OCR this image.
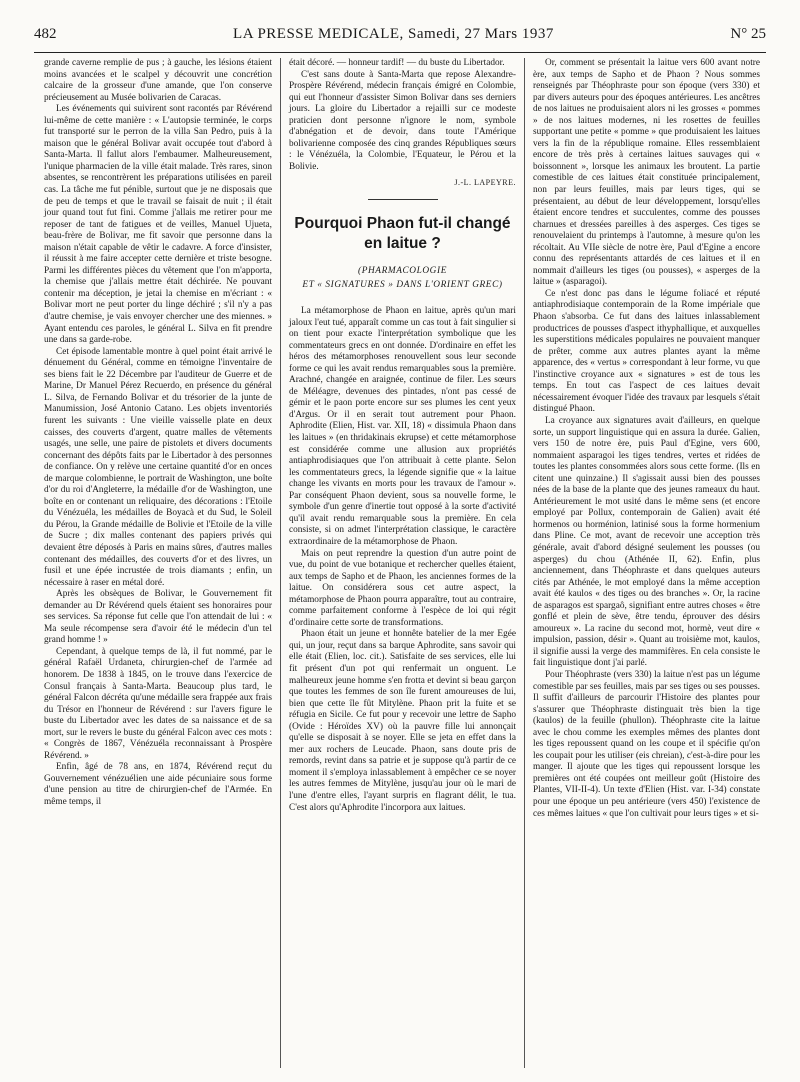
482	LA PRESSE MEDICALE, Samedi, 27 Mars 1937	N° 25

grande caverne remplie de pus ; à gauche, les lésions étaient moins avancées et le scalpel y découvrit une concrétion calcaire de la grosseur d'une amande, que l'on conserve précieusement au Musée bolivarien de Caracas.

Les événements qui suivirent sont racontés par Révérend lui-même de cette manière : « L'autopsie terminée, le corps fut transporté sur le perron de la villa San Pedro, puis à la maison que le général Bolivar avait occupée tout d'abord à Santa-Marta. Il fallut alors l'embaumer. Malheureusement, l'unique pharmacien de la ville était malade. Très rares, sinon absentes, se rencontrèrent les préparations utilisées en pareil cas. La tâche me fut pénible, surtout que je ne disposais que de peu de temps et que le travail se faisait de nuit ; il était jour quand tout fut fini. Comme j'allais me retirer pour me reposer de tant de fatigues et de veilles, Manuel Ujueta, beau-frère de Bolivar, me fit savoir que personne dans la maison n'était capable de vêtir le cadavre. A force d'insister, il réussit à me faire accepter cette dernière et triste besogne. Parmi les différentes pièces du vêtement que l'on m'apporta, la chemise que j'allais mettre était déchirée. Ne pouvant contenir ma déception, je jetai la chemise en m'écriant : « Bolivar mort ne peut porter du linge déchiré ; s'il n'y a pas d'autre chemise, je vais envoyer chercher une des miennes. » Ayant entendu ces paroles, le général L. Silva en fit prendre une dans sa garde-robe.

Cet épisode lamentable montre à quel point était arrivé le dénuement du Général, comme en témoigne l'inventaire de ses biens fait le 22 Décembre par l'auditeur de Guerre et de Marine, Dr Manuel Pérez Recuerdo, en présence du général L. Silva, de Fernando Bolivar et du trésorier de la junte de Manumission, José Antonio Catano. Les objets inventoriés furent les suivants : Une vieille vaisselle plate en deux caisses, des couverts d'argent, quatre malles de vêtements usagés, une selle, une paire de pistolets et divers documents concernant des dépôts faits par le Libertador à des personnes de confiance. On y relève une certaine quantité d'or en onces de marque colombienne, le portrait de Washington, une boîte d'or du roi d'Angleterre, la médaille d'or de Washington, une boîte en or contenant un reliquaire, des décorations : l'Etoile du Vénézuéla, les médailles de Boyacà et du Sud, le Soleil du Pérou, la Grande médaille de Bolivie et l'Etoile de la ville de Sucre ; dix malles contenant des papiers privés qui devaient être déposés à Paris en mains sûres, d'autres malles contenant des médailles, des couverts d'or et des livres, un fusil et une épée incrustée de trois diamants ; enfin, un nécessaire à raser en métal doré.

Après les obsèques de Bolivar, le Gouvernement fit demander au Dr Révérend quels étaient ses honoraires pour ses services. Sa réponse fut celle que l'on attendait de lui : « Ma seule récompense sera d'avoir été le médecin d'un tel grand homme ! »

Cependant, à quelque temps de là, il fut nommé, par le général Rafaël Urdaneta, chirurgien-chef de l'armée ad honorem. De 1838 à 1845, on le trouve dans l'exercice de Consul français à Santa-Marta. Beaucoup plus tard, le général Falcon décréta qu'une médaille sera frappée aux frais du Trésor en l'honneur de Révérend : sur l'avers figure le buste du Libertador avec les dates de sa naissance et de sa mort, sur le revers le buste du général Falcon avec ces mots : « Congrès de 1867, Vénézuéla reconnaissant à Prospère Révérend. »

Enfin, âgé de 78 ans, en 1874, Révérend reçut du Gouvernement vénézuélien une aide pécuniaire sous forme d'une pension au titre de chirurgien-chef de l'Armée. En même temps, il

était décoré. — honneur tardif! — du buste du Libertador.

C'est sans doute à Santa-Marta que repose Alexandre-Prospère Révérend, médecin français émigré en Colombie, qui eut l'honneur d'assister Simon Bolivar dans ses derniers jours. La gloire du Libertador a rejailli sur ce modeste praticien dont personne n'ignore le nom, symbole d'abnégation et de devoir, dans toute l'Amérique bolivarienne composée des cinq grandes Républiques sœurs : le Vénézuéla, la Colombie, l'Equateur, le Pérou et la Bolivie.

J.-L. LAPEYRE.

Pourquoi Phaon fut-il changé en laitue ?
(PHARMACOLOGIE
ET « SIGNATURES » DANS L'ORIENT GREC)

La métamorphose de Phaon en laitue, après qu'un mari jaloux l'eut tué, apparaît comme un cas tout à fait singulier si on tient pour exacte l'interprétation symbolique que les commentateurs grecs en ont donnée. D'ordinaire en effet les héros des métamorphoses renouvellent sous leur seconde forme ce qui les avait rendus remarquables sous la première. Arachné, changée en araignée, continue de filer. Les sœurs de Méléagre, devenues des pintades, n'ont pas cessé de gémir et le paon porte encore sur ses plumes les cent yeux d'Argus. Or il en serait tout autrement pour Phaon. Aphrodite (Elien, Hist. var. XII, 18) « dissimula Phaon dans les laitues » (en thridakinais ekrupse) et cette métamorphose est considérée comme une allusion aux propriétés antiaphrodisiaques que l'on attribuait à cette plante. Selon les commentateurs grecs, la légende signifie que « la laitue change les vivants en morts pour les travaux de l'amour ». Par conséquent Phaon devient, sous sa nouvelle forme, le symbole d'un genre d'inertie tout opposé à la sorte d'activité qu'il avait rendu remarquable sous la première. En cela consiste, si on admet l'interprétation classique, le caractère extraordinaire de la métamorphose de Phaon.

Mais on peut reprendre la question d'un autre point de vue, du point de vue botanique et rechercher quelles étaient, aux temps de Sapho et de Phaon, les anciennes formes de la laitue. On considérera sous cet autre aspect, la métamorphose de Phaon pourra apparaître, tout au contraire, comme parfaitement conforme à l'espèce de loi qui régit d'ordinaire cette sorte de transformations.

Phaon était un jeune et honnête batelier de la mer Egée qui, un jour, reçut dans sa barque Aphrodite, sans savoir qui elle était (Elien, loc. cit.). Satisfaite de ses services, elle lui fit présent d'un pot qui renfermait un onguent. Le malheureux jeune homme s'en frotta et devint si beau garçon que toutes les femmes de son île furent amoureuses de lui, bien que cette île fût Mitylène. Phaon prit la fuite et se réfugia en Sicile. Ce fut pour y recevoir une lettre de Sapho (Ovide : Héroïdes XV) où la pauvre fille lui annonçait qu'elle se disposait à se noyer. Elle se jeta en effet dans la mer aux rochers de Leucade. Phaon, sans doute pris de remords, revint dans sa patrie et je suppose qu'à partir de ce moment il s'employa inlassablement à empêcher ce se noyer les autres femmes de Mitylène, jusqu'au jour où le mari de l'une d'entre elles, l'ayant surpris en flagrant délit, le tua. C'est alors qu'Aphrodite l'incorpora aux laitues.

Or, comment se présentait la laitue vers 600 avant notre ère, aux temps de Sapho et de Phaon ? Nous sommes renseignés par Théophraste pour son époque (vers 330) et par divers auteurs pour des époques antérieures. Les ancêtres de nos laitues ne produisaient alors ni les grosses « pommes » de nos laitues modernes, ni les rosettes de feuilles supportant une petite « pomme » que produisaient les laitues vers la fin de la république romaine. Elles ressemblaient encore de très près à certaines laitues sauvages qui « boissonnent », lorsque les animaux les broutent. La partie comestible de ces laitues était constituée principalement, non par leurs feuilles, mais par leurs tiges, qui se présentaient, au début de leur développement, lorsqu'elles étaient encore tendres et succulentes, comme des pousses charnues et dressées pareilles à des asperges. Ces tiges se renouvelaient du printemps à l'automne, à mesure qu'on les récoltait. Au VIIe siècle de notre ère, Paul d'Egine a encore connu des représentants attardés de ces laitues et il en nommait d'ailleurs les tiges (ou pousses), « asperges de la laitue » (asparagoi).

Ce n'est donc pas dans le légume foliacé et réputé antiaphrodisiaque contemporain de la Rome impériale que Phaon s'absorba. Ce fut dans des laitues inlassablement productrices de pousses d'aspect ithyphallique, et auxquelles les superstitions médicales populaires ne pouvaient manquer de prêter, comme aux autres plantes ayant la même apparence, des « vertus » correspondant à leur forme, vu que l'instinctive croyance aux « signatures » est de tous les temps. En tout cas l'aspect de ces laitues devait nécessairement évoquer l'idée des travaux par lesquels s'était distingué Phaon.

La croyance aux signatures avait d'ailleurs, en quelque sorte, un support linguistique qui en assura la durée. Galien, vers 150 de notre ère, puis Paul d'Egine, vers 600, nommaient asparagoi les tiges tendres, vertes et ridées de toutes les plantes consommées alors sous cette forme. (Ils en citent une quinzaine.) Il s'agissait aussi bien des pousses nées de la base de la plante que des jeunes rameaux du haut. Antérieurement le mot usité dans le même sens (et encore employé par Pollux, contemporain de Galien) avait été hormenos ou horménion, latinisé sous la forme hormenium dans Pline. Ce mot, avant de recevoir une acception très générale, avait d'abord désigné seulement les pousses (ou asperges) du chou (Athénée II, 62). Enfin, plus anciennement, dans Théophraste et dans quelques auteurs cités par Athénée, le mot employé dans la même acception avait été kaulos « des tiges ou des branches ». Or, la racine de asparagos est spargaô, signifiant entre autres choses « être gonflé et plein de sève, être tendu, éprouver des désirs amoureux ». La racine du second mot, hormè, veut dire « impulsion, passion, désir ». Quant au troisième mot, kaulos, il signifie aussi la verge des mammifères. En cela consiste le fait linguistique dont j'ai parlé.

Pour Théophraste (vers 330) la laitue n'est pas un légume comestible par ses feuilles, mais par ses tiges ou ses pousses. Il suffit d'ailleurs de parcourir l'Histoire des plantes pour s'assurer que Théophraste distinguait très bien la tige (kaulos) de la feuille (phullon). Théophraste cite la laitue avec le chou comme les exemples mêmes des plantes dont les tiges repoussent quand on les coupe et il spécifie qu'on les coupait pour les utiliser (eis chreian), c'est-à-dire pour les manger. Il ajoute que les tiges qui repoussent lorsque les premières ont été coupées ont meilleur goût (Histoire des Plantes, VII-II-4). Un texte d'Elien (Hist. var. I-34) constate pour une époque un peu antérieure (vers 450) l'existence de ces mêmes laitues « que l'on cultivait pour leurs tiges » et si-
